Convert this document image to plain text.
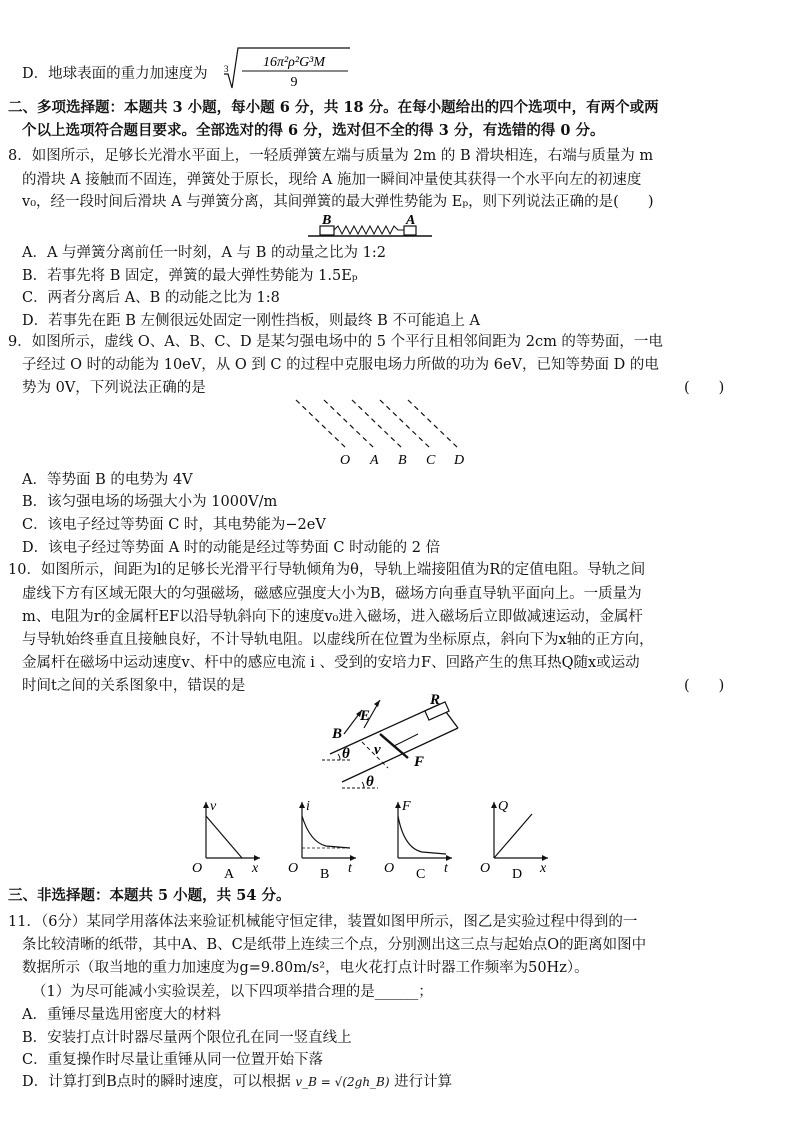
D．地球表面的重力加速度为 3 16π²ρ²G³M
9
二、多项选择题：本题共 3 小题，每小题 6 分，共 18 分。在每小题给出的四个选项中，有两个或两
个以上选项符合题目要求。全部选对的得 6 分，选对但不全的得 3 分，有选错的得 0 分。
8．如图所示，足够长光滑水平面上，一轻质弹簧左端与质量为 2m 的 B 滑块相连，右端与质量为 m
的滑块 A 接触而不固连，弹簧处于原长，现给 A 施加一瞬间冲量使其获得一个水平向左的初速度
v₀，经一段时间后滑块 A 与弹簧分离，其间弹簧的最大弹性势能为 Eₚ，则下列说法正确的是(　　)
B	A
A．A 与弹簧分离前任一时刻，A 与 B 的动量之比为 1:2
B．若事先将 B 固定，弹簧的最大弹性势能为 1.5Eₚ
C．两者分离后 A、B 的动能之比为 1:8
D．若事先在距 B 左侧很远处固定一刚性挡板，则最终 B 不可能追上 A
9．如图所示，虚线 O、A、B、C、D 是某匀强电场中的 5 个平行且相邻间距为 2cm 的等势面，一电
子经过 O 时的动能为 10eV，从 O 到 C 的过程中克服电场力所做的功为 6eV，已知等势面 D 的电
势为 0V，下列说法正确的是	(　　)
O A B C D
A．等势面 B 的电势为 4V
B．该匀强电场的场强大小为 1000V/m
C．该电子经过等势面 C 时，其电势能为−2eV
D．该电子经过等势面 A 时的动能是经过等势面 C 时动能的 2 倍
10．如图所示，间距为l的足够长光滑平行导轨倾角为θ，导轨上端接阻值为R的定值电阻。导轨之间
虚线下方有区域无限大的匀强磁场，磁感应强度大小为B，磁场方向垂直导轨平面向上。一质量为
m、电阻为r的金属杆EF以沿导轨斜向下的速度v₀进入磁场，进入磁场后立即做减速运动，金属杆
与导轨始终垂直且接触良好，不计导轨电阻。以虚线所在位置为坐标原点，斜向下为x轴的正方向，
金属杆在磁场中运动速度v、杆中的感应电流 i 、受到的安培力F、回路产生的焦耳热Q随x或运动
时间t之间的关系图象中，错误的是	(　　)
B
E
R
v
F
θ
θ
v
x
O A
i
t
O B
F
t
O C
Q
x
O D
三、非选择题：本题共 5 小题，共 54 分。
11．（6分）某同学用落体法来验证机械能守恒定律，装置如图甲所示，图乙是实验过程中得到的一
条比较清晰的纸带，其中A、B、C是纸带上连续三个点，分别测出这三点与起始点O的距离如图中
数据所示（取当地的重力加速度为g=9.80m/s²，电火花打点计时器工作频率为50Hz）。
（1）为尽可能减小实验误差，以下四项举措合理的是______；
A．重锤尽量选用密度大的材料
B．安装打点计时器尽量两个限位孔在同一竖直线上
C．重复操作时尽量让重锤从同一位置开始下落
D．计算打到B点时的瞬时速度，可以根据 v_B = √(2gh_B) 进行计算
